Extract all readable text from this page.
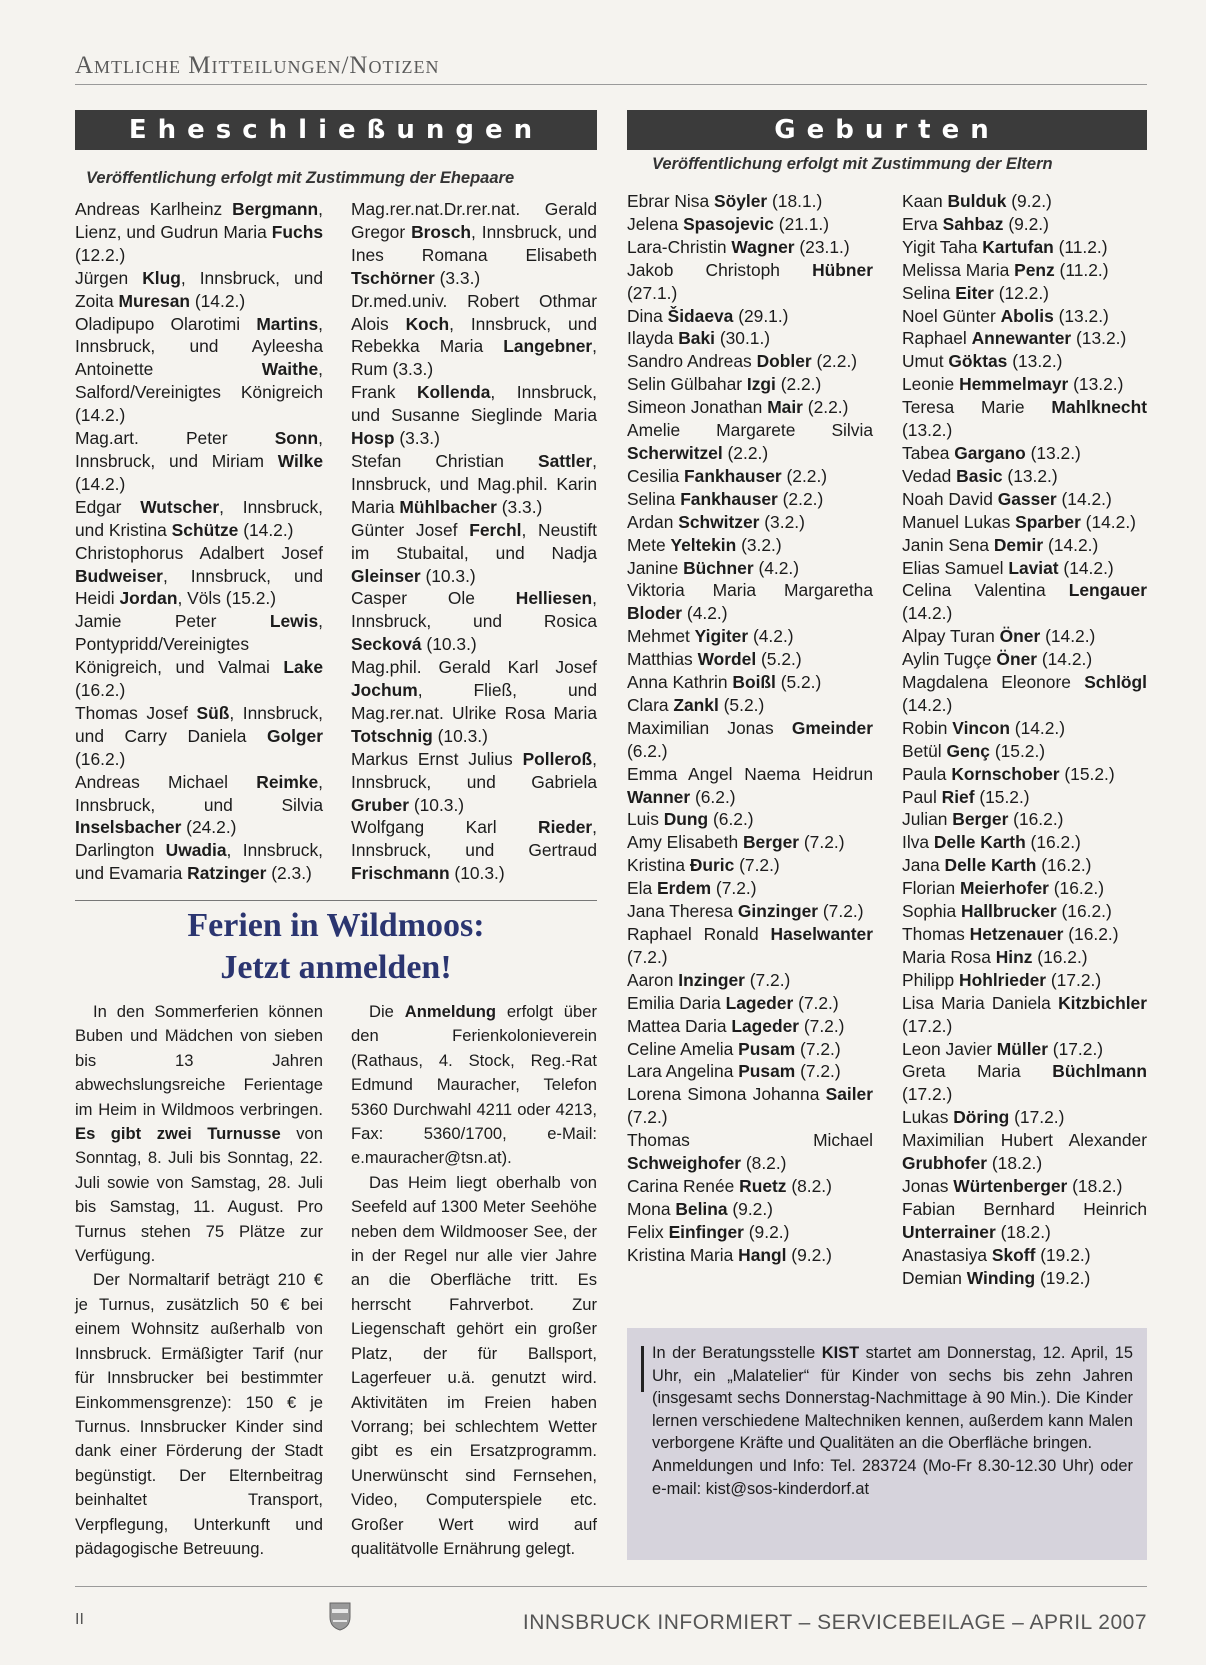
Amtliche Mitteilungen/Notizen
Eheschließungen
Veröffentlichung erfolgt mit Zustimmung der Ehepaare

Andreas Karlheinz Bergmann, Lienz, und Gudrun Maria Fuchs (12.2.)

Jürgen Klug, Innsbruck, und Zoita Muresan (14.2.)

Oladipupo Olarotimi Martins, Innsbruck, und Ayleesha Antoinette Waithe, Salford/Vereinigtes Königreich (14.2.)

Mag.art. Peter Sonn, Innsbruck, und Miriam Wilke (14.2.)

Edgar Wutscher, Innsbruck, und Kristina Schütze (14.2.)

Christophorus Adalbert Josef Budweiser, Innsbruck, und Heidi Jordan, Völs (15.2.)

Jamie Peter Lewis, Pontypridd/Vereinigtes Königreich, und Valmai Lake (16.2.)

Thomas Josef Süß, Innsbruck, und Carry Daniela Golger (16.2.)

Andreas Michael Reimke, Innsbruck, und Silvia Inselsbacher (24.2.)

Darlington Uwadia, Innsbruck, und Evamaria Ratzinger (2.3.)

Mag.rer.nat.Dr.rer.nat. Gerald Gregor Brosch, Innsbruck, und Ines Romana Elisabeth Tschörner (3.3.)

Dr.med.univ. Robert Othmar Alois Koch, Innsbruck, und Rebekka Maria Langebner, Rum (3.3.)

Frank Kollenda, Innsbruck, und Susanne Sieglinde Maria Hosp (3.3.)

Stefan Christian Sattler, Innsbruck, und Mag.phil. Karin Maria Mühlbacher (3.3.)

Günter Josef Ferchl, Neustift im Stubaital, und Nadja Gleinser (10.3.)

Casper Ole Helliesen, Innsbruck, und Rosica Secková (10.3.)

Mag.phil. Gerald Karl Josef Jochum, Fließ, und Mag.rer.nat. Ulrike Rosa Maria Totschnig (10.3.)

Markus Ernst Julius Polleroß, Innsbruck, und Gabriela Gruber (10.3.)

Wolfgang Karl Rieder, Innsbruck, und Gertraud Frischmann (10.3.)

Geburten
Veröffentlichung erfolgt mit Zustimmung der Eltern

Ebrar Nisa Söyler (18.1.)

Jelena Spasojevic (21.1.)

Lara-Christin Wagner (23.1.)

Jakob Christoph Hübner (27.1.)

Dina Šidaeva (29.1.)

Ilayda Baki (30.1.)

Sandro Andreas Dobler (2.2.)

Selin Gülbahar Izgi (2.2.)

Simeon Jonathan Mair (2.2.)

Amelie Margarete Silvia Scherwitzel (2.2.)

Cesilia Fankhauser (2.2.)

Selina Fankhauser (2.2.)

Ardan Schwitzer (3.2.)

Mete Yeltekin (3.2.)

Janine Büchner (4.2.)

Viktoria Maria Margaretha Bloder (4.2.)

Mehmet Yigiter (4.2.)

Matthias Wordel (5.2.)

Anna Kathrin Boißl (5.2.)

Clara Zankl (5.2.)

Maximilian Jonas Gmeinder (6.2.)

Emma Angel Naema Heidrun Wanner (6.2.)

Luis Dung (6.2.)

Amy Elisabeth Berger (7.2.)

Kristina Đuric (7.2.)

Ela Erdem (7.2.)

Jana Theresa Ginzinger (7.2.)

Raphael Ronald Haselwanter (7.2.)

Aaron Inzinger (7.2.)

Emilia Daria Lageder (7.2.)

Mattea Daria Lageder (7.2.)

Celine Amelia Pusam (7.2.)

Lara Angelina Pusam (7.2.)

Lorena Simona Johanna Sailer (7.2.)

Thomas Michael Schweighofer (8.2.)

Carina Renée Ruetz (8.2.)

Mona Belina (9.2.)

Felix Einfinger (9.2.)

Kristina Maria Hangl (9.2.)

Kaan Bulduk (9.2.)

Erva Sahbaz (9.2.)

Yigit Taha Kartufan (11.2.)

Melissa Maria Penz (11.2.)

Selina Eiter (12.2.)

Noel Günter Abolis (13.2.)

Raphael Annewanter (13.2.)

Umut Göktas (13.2.)

Leonie Hemmelmayr (13.2.)

Teresa Marie Mahlknecht (13.2.)

Tabea Gargano (13.2.)

Vedad Basic (13.2.)

Noah David Gasser (14.2.)

Manuel Lukas Sparber (14.2.)

Janin Sena Demir (14.2.)

Elias Samuel Laviat (14.2.)

Celina Valentina Lengauer (14.2.)

Alpay Turan Öner (14.2.)

Aylin Tugçe Öner (14.2.)

Magdalena Eleonore Schlögl (14.2.)

Robin Vincon (14.2.)

Betül Genç (15.2.)

Paula Kornschober (15.2.)

Paul Rief (15.2.)

Julian Berger (16.2.)

Ilva Delle Karth (16.2.)

Jana Delle Karth (16.2.)

Florian Meierhofer (16.2.)

Sophia Hallbrucker (16.2.)

Thomas Hetzenauer (16.2.)

Maria Rosa Hinz (16.2.)

Philipp Hohlrieder (17.2.)

Lisa Maria Daniela Kitzbichler (17.2.)

Leon Javier Müller (17.2.)

Greta Maria Büchlmann (17.2.)

Lukas Döring (17.2.)

Maximilian Hubert Alexander Grubhofer (18.2.)

Jonas Würtenberger (18.2.)

Fabian Bernhard Heinrich Unterrainer (18.2.)

Anastasiya Skoff (19.2.)

Demian Winding (19.2.)

Ferien in Wildmoos:
Jetzt anmelden!

In den Sommerferien können Buben und Mädchen von sieben bis 13 Jahren abwechslungsreiche Ferientage im Heim in Wildmoos verbringen. Es gibt zwei Turnusse von Sonntag, 8. Juli bis Sonntag, 22. Juli sowie von Samstag, 28. Juli bis Samstag, 11. August. Pro Turnus stehen 75 Plätze zur Verfügung.

Der Normaltarif beträgt 210 € je Turnus, zusätzlich 50 € bei einem Wohnsitz außerhalb von Innsbruck. Ermäßigter Tarif (nur für Innsbrucker bei bestimmter Einkommensgrenze): 150 € je Turnus. Innsbrucker Kinder sind dank einer Förderung der Stadt begünstigt. Der Elternbeitrag beinhaltet Transport, Verpflegung, Unterkunft und pädagogische Betreuung.

Die Anmeldung erfolgt über den Ferienkolonieverein (Rathaus, 4. Stock, Reg.-Rat Edmund Mauracher, Telefon 5360 Durchwahl 4211 oder 4213, Fax: 5360/1700, e-Mail: e.mauracher@tsn.at).

Das Heim liegt oberhalb von Seefeld auf 1300 Meter Seehöhe neben dem Wildmooser See, der in der Regel nur alle vier Jahre an die Oberfläche tritt. Es herrscht Fahrverbot. Zur Liegenschaft gehört ein großer Platz, der für Ballsport, Lagerfeuer u.ä. genutzt wird. Aktivitäten im Freien haben Vorrang; bei schlechtem Wetter gibt es ein Ersatzprogramm. Unerwünscht sind Fernsehen, Video, Computerspiele etc. Großer Wert wird auf qualitätvolle Ernährung gelegt.

In der Beratungsstelle KIST startet am Donnerstag, 12. April, 15 Uhr, ein „Malatelier“ für Kinder von sechs bis zehn Jahren (insgesamt sechs Donnerstag-Nachmittage à 90 Min.). Die Kinder lernen verschiedene Maltechniken kennen, außerdem kann Malen verborgene Kräfte und Qualitäten an die Oberfläche bringen.

Anmeldungen und Info: Tel. 283724 (Mo-Fr 8.30-12.30 Uhr) oder e-mail: kist@sos-kinderdorf.at

II	INNSBRUCK INFORMIERT – SERVICEBEILAGE – APRIL 2007
